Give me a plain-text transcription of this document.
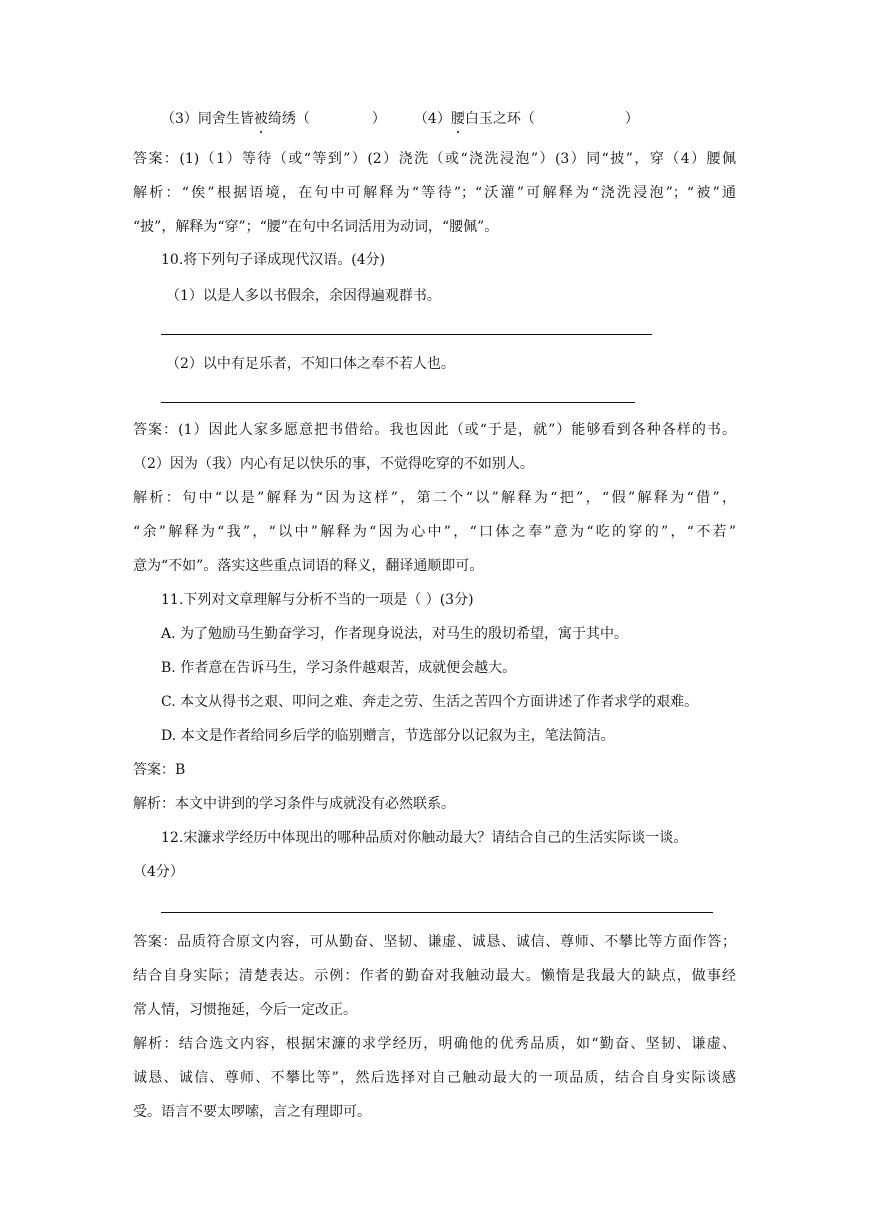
（3）同舍生皆被绮绣（	） （4）腰白玉之环（	）
答案：(1)（1）等待（或“等到”）(2）浇洗（或“浇洗浸泡”）(3）同“披”，穿（4）腰佩
解析：“俟”根据语境，在句中可解释为“等待”；“沃灌”可解释为“浇洗浸泡”；“被”通
“披”，解释为“穿”；“腰”在句中名词活用为动词，“腰佩”。
10.将下列句子译成现代汉语。(4分)
（1）以是人多以书假余，余因得遍观群书。
（2）以中有足乐者，不知口体之奉不若人也。
答案：(1）因此人家多愿意把书借给。我也因此（或“于是，就”）能够看到各种各样的书。
（2）因为（我）内心有足以快乐的事，不觉得吃穿的不如别人。
解析：句中“以是”解释为“因为这样”，第二个“以”解释为“把”，“假”解释为“借”，
“余”解释为“我”，“以中”解释为“因为心中”，“口体之奉”意为“吃的穿的”，“不若”
意为“不如”。落实这些重点词语的释义，翻译通顺即可。
11.下列对文章理解与分析不当的一项是（ ）(3分)
A. 为了勉励马生勤奋学习，作者现身说法，对马生的殷切希望，寓于其中。
B. 作者意在告诉马生，学习条件越艰苦，成就便会越大。
C. 本文从得书之艰、叩问之难、奔走之劳、生活之苦四个方面讲述了作者求学的艰难。
D. 本文是作者给同乡后学的临别赠言，节选部分以记叙为主，笔法简洁。
答案：B
解析：本文中讲到的学习条件与成就没有必然联系。
12.宋濂求学经历中体现出的哪种品质对你触动最大？请结合自己的生活实际谈一谈。
（4分）
答案：品质符合原文内容，可从勤奋、坚韧、谦虚、诚恳、诚信、尊师、不攀比等方面作答；
结合自身实际；清楚表达。示例：作者的勤奋对我触动最大。懒惰是我最大的缺点，做事经
常人情，习惯拖延，今后一定改正。
解析：结合选文内容，根据宋濂的求学经历，明确他的优秀品质，如“勤奋、坚韧、谦虚、
诚恳、诚信、尊师、不攀比等”，然后选择对自己触动最大的一项品质，结合自身实际谈感
受。语言不要太啰嗦，言之有理即可。
